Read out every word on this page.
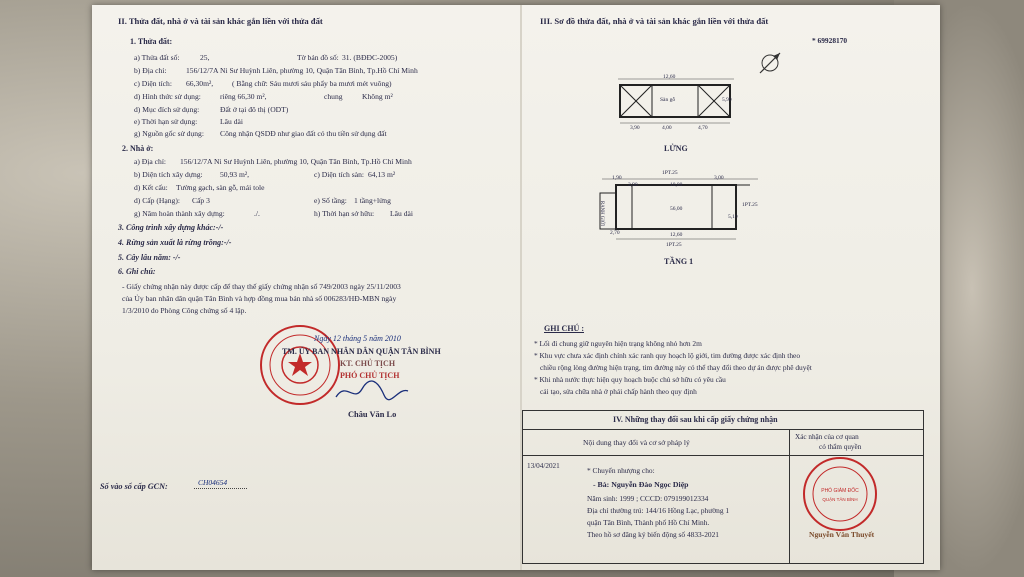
II. Thửa đất, nhà ở và tài sản khác gắn liền với thửa đất
1. Thửa đất:
a) Thửa đất số:	25,	Tờ bản đồ số: 31. (BĐĐC-2005)
b) Địa chỉ:	156/12/7A Ni Sư Huỳnh Liên, phường 10, Quận Tân Bình, Tp.Hồ Chí Minh
c) Diện tích: 66,30m², ( Bằng chữ: Sáu mươi sáu phẩy ba mươi mét vuông)
d) Hình thức sử dụng:	riêng 66,30 m²,	chung	Không m²
d) Mục đích sử dụng:	Đất ở tại đô thị (ODT)
e) Thời hạn sử dụng:	Lâu dài
g) Nguồn gốc sử dụng: Công nhận QSDĐ như giao đất có thu tiền sử dụng đất
2. Nhà ở:
a) Địa chỉ: 156/12/7A Ni Sư Huỳnh Liên, phường 10, Quận Tân Bình, Tp.Hồ Chí Minh
b) Diện tích xây dựng: 50,93 m²,	c) Diện tích sàn: 64,13 m²
d) Kết cấu: Tường gạch, sàn gỗ, mái tole
d) Cấp (Hạng): Cấp 3	e) Số tầng: 1 tầng+lửng
g) Năm hoàn thành xây dựng:	./.	h) Thời hạn sở hữu: Lâu dài
3. Công trình xây dựng khác:-/-
4. Rừng sản xuất là rừng trồng:-/-
5. Cây lâu năm: -/-
6. Ghi chú:
- Giấy chứng nhận này được cấp để thay thế giấy chứng nhận số 749/2003 ngày 25/11/2003
của Ủy ban nhân dân quận Tân Bình và hợp đồng mua bán nhà số 006283/HĐ-MBN ngày
1/3/2010 do Phòng Công chứng số 4 lập.
Ngày 12 tháng 5 năm 2010
TM. ỦY BAN NHÂN DÂN QUẬN TÂN BÌNH
KT. CHỦ TỊCH
PHÓ CHỦ TỊCH
Châu Văn Lo
Số vào sổ cấp GCN:	CH04654
III. Sơ đồ thửa đất, nhà ở và tài sản khác gắn liền với thửa đất
* 69928170
12,60
Sàn gỗ	5,90
3,90	4,00	4,70
LỬNG
1,90
2,90	10,00
3,00
1PT.25
1PT.25
1PT.25
56,00
5,10
RANH GIỚI
2,70	12,60
TẦNG 1
GHI CHÚ :
* Lối đi chung giữ nguyên hiện trạng không nhỏ hơn 2m
* Khu vực chưa xác định chính xác ranh quy hoạch lộ giới, tim đường được xác định theo
chiều rộng lòng đường hiện trạng, tim đường này có thể thay đổi theo dự án được phê duyệt
* Khi nhà nước thực hiện quy hoạch buộc chủ sở hữu có yêu cầu
cải tạo, sửa chữa nhà ở phải chấp hành theo quy định
IV. Những thay đổi sau khi cấp giấy chứng nhận
Nội dung thay đổi và cơ sở pháp lý
Xác nhận của cơ quan
có thẩm quyền
13/04/2021	* Chuyển nhượng cho:
- Bà: Nguyễn Đào Ngọc Diệp
Năm sinh: 1999 ; CCCD: 079199012334
Địa chỉ thường trú: 144/16 Hồng Lạc, phường 1
quận Tân Bình, Thành phố Hồ Chí Minh.
Theo hồ sơ đăng ký biến động số 4833-2021
PHÓ GIÁM ĐỐC
QUẬN TÂN BÌNH
Nguyễn Văn Thuyết
